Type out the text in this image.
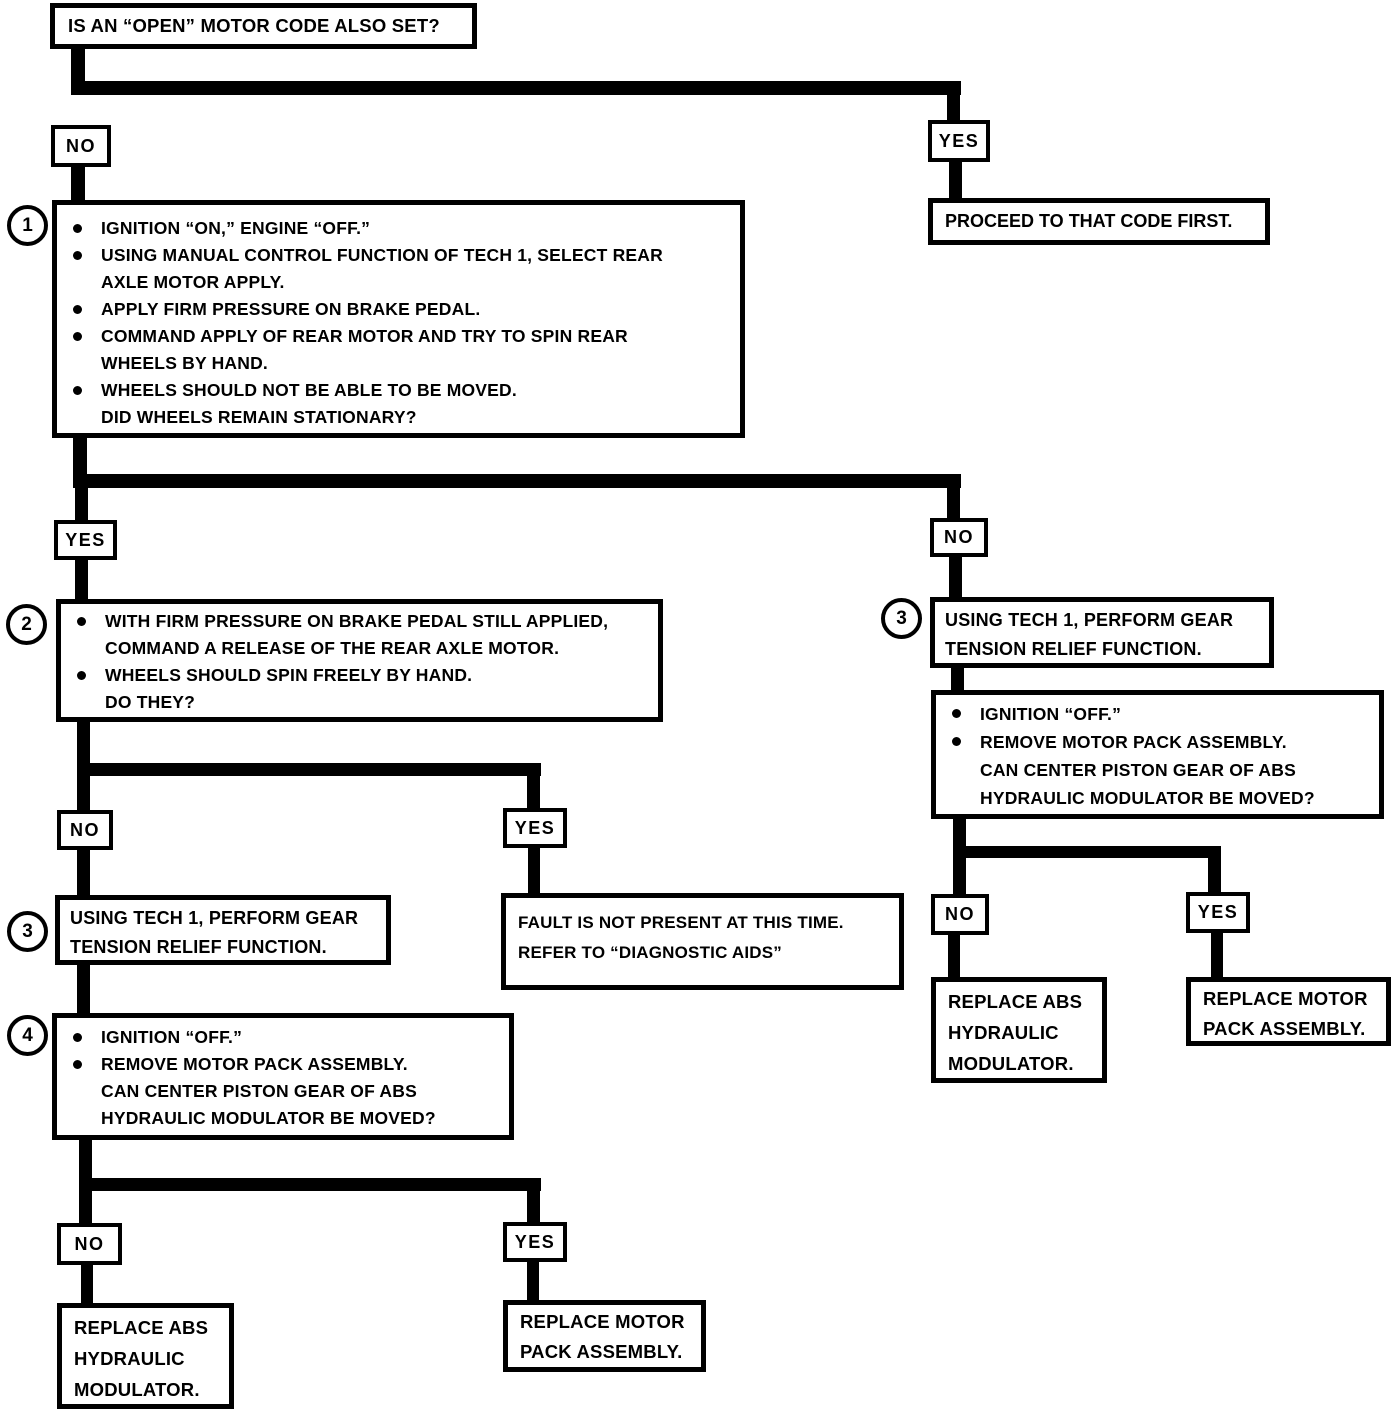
IS AN “OPEN” MOTOR CODE ALSO SET?
NO	YES
PROCEED TO THAT CODE FIRST.
1	IGNITION “ON,” ENGINE “OFF.”
USING MANUAL CONTROL FUNCTION OF TECH 1, SELECT REAR
AXLE MOTOR APPLY.
APPLY FIRM PRESSURE ON BRAKE PEDAL.
COMMAND APPLY OF REAR MOTOR AND TRY TO SPIN REAR
WHEELS BY HAND.
WHEELS SHOULD NOT BE ABLE TO BE MOVED.
DID WHEELS REMAIN STATIONARY?
YES	NO
2	WITH FIRM PRESSURE ON BRAKE PEDAL STILL APPLIED,
COMMAND A RELEASE OF THE REAR AXLE MOTOR.
WHEELS SHOULD SPIN FREELY BY HAND.
DO THEY?
NO	YES
FAULT IS NOT PRESENT AT THIS TIME.
REFER TO “DIAGNOSTIC AIDS”
3
USING TECH 1, PERFORM GEAR
TENSION RELIEF FUNCTION.
4	IGNITION “OFF.”
REMOVE MOTOR PACK ASSEMBLY.
CAN CENTER PISTON GEAR OF ABS
HYDRAULIC MODULATOR BE MOVED?
NO	YES
REPLACE ABS
HYDRAULIC
MODULATOR.
REPLACE MOTOR
PACK ASSEMBLY.
3	USING TECH 1, PERFORM GEAR
TENSION RELIEF FUNCTION.
IGNITION “OFF.”
REMOVE MOTOR PACK ASSEMBLY.
CAN CENTER PISTON GEAR OF ABS
HYDRAULIC MODULATOR BE MOVED?
NO	YES
REPLACE ABS
HYDRAULIC
MODULATOR.
REPLACE MOTOR
PACK ASSEMBLY.
